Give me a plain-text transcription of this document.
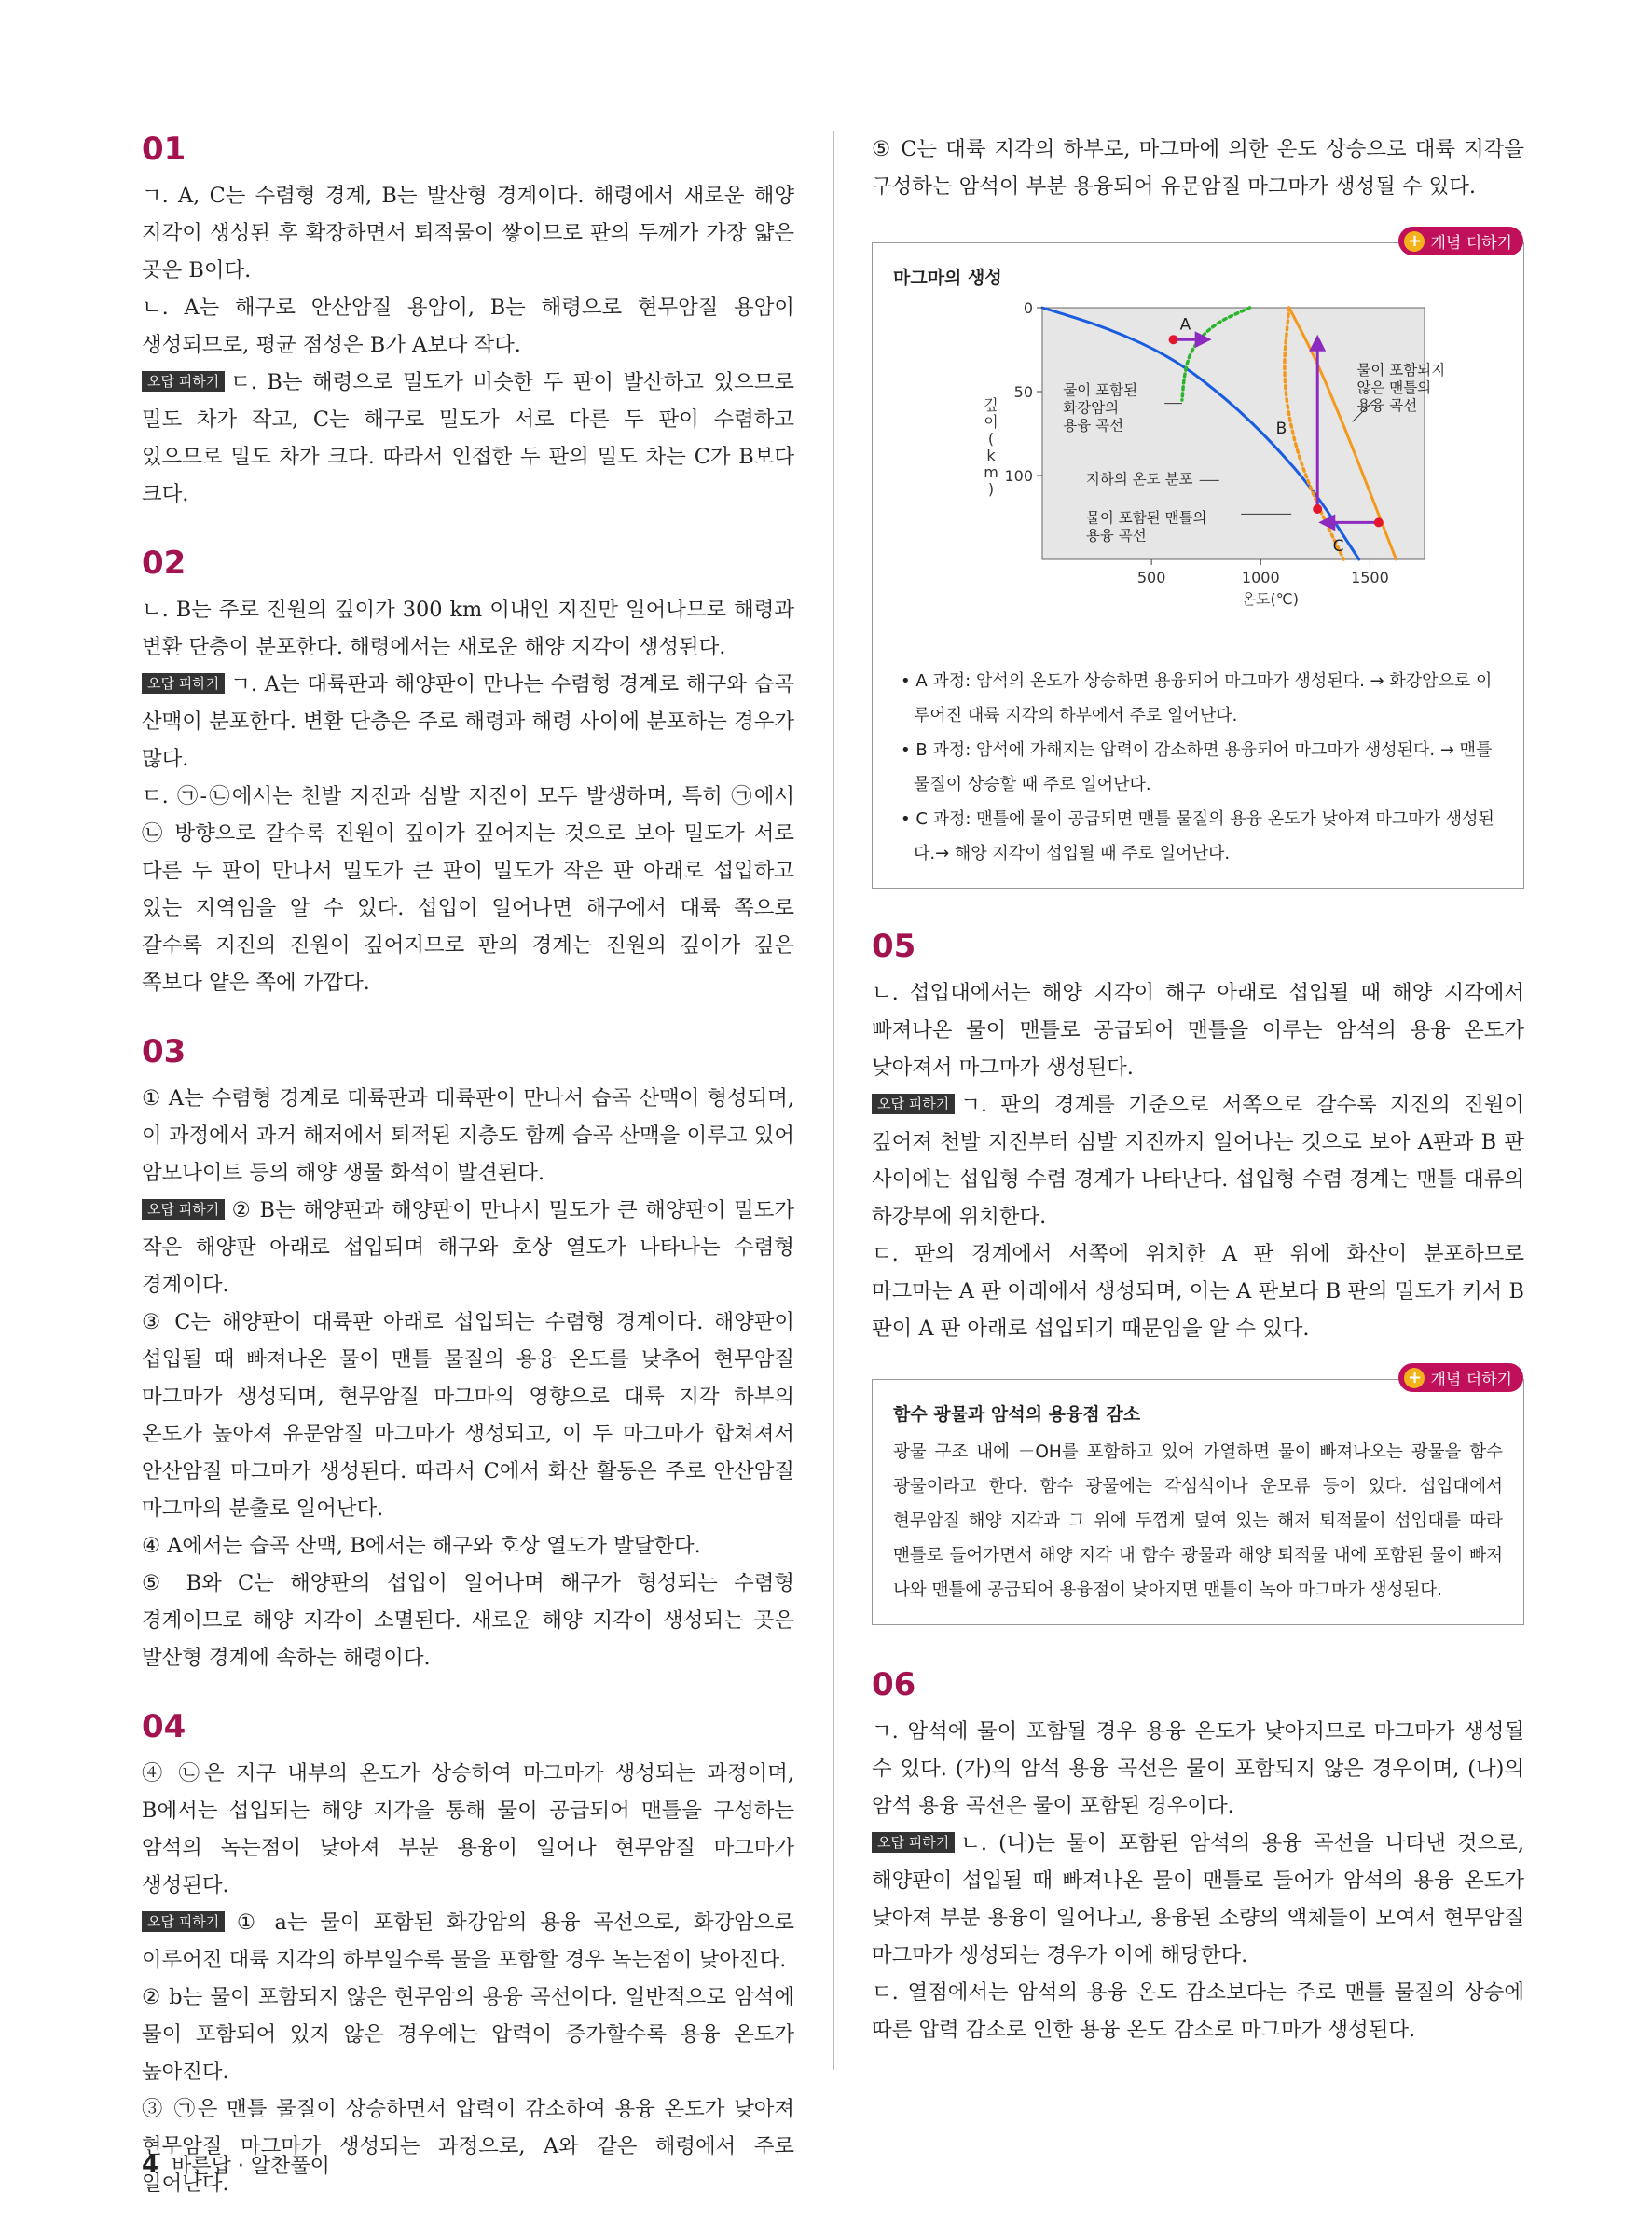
01

ㄱ. A, C는 수렴형 경계, B는 발산형 경계이다. 해령에서 새로운 해양 지각이 생성된 후 확장하면서 퇴적물이 쌓이므로 판의 두께가 가장 얇은 곳은 B이다.

ㄴ. A는 해구로 안산암질 용암이, B는 해령으로 현무암질 용암이 생성되므로, 평균 점성은 B가 A보다 작다.

오답 피하기 ㄷ. B는 해령으로 밀도가 비슷한 두 판이 발산하고 있으므로 밀도 차가 작고, C는 해구로 밀도가 서로 다른 두 판이 수렴하고 있으므로 밀도 차가 크다. 따라서 인접한 두 판의 밀도 차는 C가 B보다 크다.

02

ㄴ. B는 주로 진원의 깊이가 300 km 이내인 지진만 일어나므로 해령과 변환 단층이 분포한다. 해령에서는 새로운 해양 지각이 생성된다.

오답 피하기 ㄱ. A는 대륙판과 해양판이 만나는 수렴형 경계로 해구와 습곡 산맥이 분포한다. 변환 단층은 주로 해령과 해령 사이에 분포하는 경우가 많다.

ㄷ. ㉠-㉡에서는 천발 지진과 심발 지진이 모두 발생하며, 특히 ㉠에서 ㉡ 방향으로 갈수록 진원이 깊이가 깊어지는 것으로 보아 밀도가 서로 다른 두 판이 만나서 밀도가 큰 판이 밀도가 작은 판 아래로 섭입하고 있는 지역임을 알 수 있다. 섭입이 일어나면 해구에서 대륙 쪽으로 갈수록 지진의 진원이 깊어지므로 판의 경계는 진원의 깊이가 깊은 쪽보다 얕은 쪽에 가깝다.

03

① A는 수렴형 경계로 대륙판과 대륙판이 만나서 습곡 산맥이 형성되며, 이 과정에서 과거 해저에서 퇴적된 지층도 함께 습곡 산맥을 이루고 있어 암모나이트 등의 해양 생물 화석이 발견된다.

오답 피하기 ② B는 해양판과 해양판이 만나서 밀도가 큰 해양판이 밀도가 작은 해양판 아래로 섭입되며 해구와 호상 열도가 나타나는 수렴형 경계이다.

③ C는 해양판이 대륙판 아래로 섭입되는 수렴형 경계이다. 해양판이 섭입될 때 빠져나온 물이 맨틀 물질의 용융 온도를 낮추어 현무암질 마그마가 생성되며, 현무암질 마그마의 영향으로 대륙 지각 하부의 온도가 높아져 유문암질 마그마가 생성되고, 이 두 마그마가 합쳐져서 안산암질 마그마가 생성된다. 따라서 C에서 화산 활동은 주로 안산암질 마그마의 분출로 일어난다.

④ A에서는 습곡 산맥, B에서는 해구와 호상 열도가 발달한다.

⑤ B와 C는 해양판의 섭입이 일어나며 해구가 형성되는 수렴형 경계이므로 해양 지각이 소멸된다. 새로운 해양 지각이 생성되는 곳은 발산형 경계에 속하는 해령이다.

04

④ ㉡은 지구 내부의 온도가 상승하여 마그마가 생성되는 과정이며, B에서는 섭입되는 해양 지각을 통해 물이 공급되어 맨틀을 구성하는 암석의 녹는점이 낮아져 부분 용융이 일어나 현무암질 마그마가 생성된다.

오답 피하기 ① a는 물이 포함된 화강암의 용융 곡선으로, 화강암으로 이루어진 대륙 지각의 하부일수록 물을 포함할 경우 녹는점이 낮아진다.

② b는 물이 포함되지 않은 현무암의 용융 곡선이다. 일반적으로 암석에 물이 포함되어 있지 않은 경우에는 압력이 증가할수록 용융 온도가 높아진다.

③ ㉠은 맨틀 물질이 상승하면서 압력이 감소하여 용융 온도가 낮아져 현무암질 마그마가 생성되는 과정으로, A와 같은 해령에서 주로 일어난다.

⑤ C는 대륙 지각의 하부로, 마그마에 의한 온도 상승으로 대륙 지각을 구성하는 암석이 부분 용융되어 유문암질 마그마가 생성될 수 있다.

+ 개념 더하기
마그마의 생성
A
B
C
물이 포함된 화강암의 용융 곡선
물이 포함되지 않은 맨틀의 용융 곡선
지하의 온도 분포
물이 포함된 맨틀의 용융 곡선
500	1000	1500
0
50
100
온도(℃)
깊 이 ( k m )
• A 과정: 암석의 온도가 상승하면 용융되어 마그마가 생성된다. → 화강암으로 이루어진 대륙 지각의 하부에서 주로 일어난다.
• B 과정: 암석에 가해지는 압력이 감소하면 용융되어 마그마가 생성된다. → 맨틀 물질이 상승할 때 주로 일어난다.
• C 과정: 맨틀에 물이 공급되면 맨틀 물질의 용융 온도가 낮아져 마그마가 생성된다.→ 해양 지각이 섭입될 때 주로 일어난다.
05

ㄴ. 섭입대에서는 해양 지각이 해구 아래로 섭입될 때 해양 지각에서 빠져나온 물이 맨틀로 공급되어 맨틀을 이루는 암석의 용융 온도가 낮아져서 마그마가 생성된다.

오답 피하기 ㄱ. 판의 경계를 기준으로 서쪽으로 갈수록 지진의 진원이 깊어져 천발 지진부터 심발 지진까지 일어나는 것으로 보아 A판과 B 판 사이에는 섭입형 수렴 경계가 나타난다. 섭입형 수렴 경계는 맨틀 대류의 하강부에 위치한다.

ㄷ. 판의 경계에서 서쪽에 위치한 A 판 위에 화산이 분포하므로 마그마는 A 판 아래에서 생성되며, 이는 A 판보다 B 판의 밀도가 커서 B 판이 A 판 아래로 섭입되기 때문임을 알 수 있다.

+ 개념 더하기
함수 광물과 암석의 용융점 감소

광물 구조 내에 －OH를 포함하고 있어 가열하면 물이 빠져나오는 광물을 함수 광물이라고 한다. 함수 광물에는 각섬석이나 운모류 등이 있다. 섭입대에서 현무암질 해양 지각과 그 위에 두껍게 덮여 있는 해저 퇴적물이 섭입대를 따라 맨틀로 들어가면서 해양 지각 내 함수 광물과 해양 퇴적물 내에 포함된 물이 빠져 나와 맨틀에 공급되어 용융점이 낮아지면 맨틀이 녹아 마그마가 생성된다.

06

ㄱ. 암석에 물이 포함될 경우 용융 온도가 낮아지므로 마그마가 생성될 수 있다. (가)의 암석 용융 곡선은 물이 포함되지 않은 경우이며, (나)의 암석 용융 곡선은 물이 포함된 경우이다.

오답 피하기 ㄴ. (나)는 물이 포함된 암석의 용융 곡선을 나타낸 것으로, 해양판이 섭입될 때 빠져나온 물이 맨틀로 들어가 암석의 용융 온도가 낮아져 부분 용융이 일어나고, 용융된 소량의 액체들이 모여서 현무암질 마그마가 생성되는 경우가 이에 해당한다.

ㄷ. 열점에서는 암석의 용융 온도 감소보다는 주로 맨틀 물질의 상승에 따른 압력 감소로 인한 용융 온도 감소로 마그마가 생성된다.

4 바른답 · 알찬풀이
